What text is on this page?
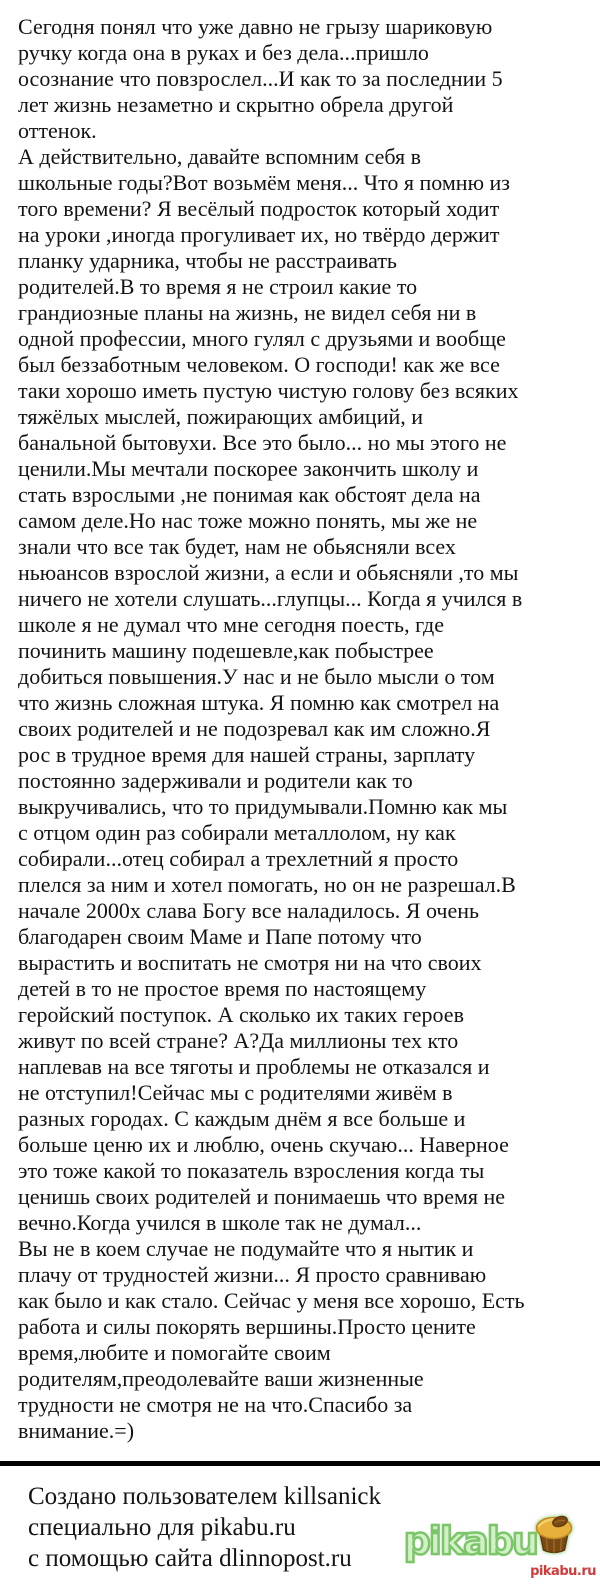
Сегодня понял что уже давно не грызу шариковую
ручку когда она в руках и без дела...пришло
осознание что повзрослел...И как то за последнии 5
лет жизнь незаметно и скрытно обрела другой
оттенок.
А действительно, давайте вспомним себя в
школьные годы?Вот возьмём меня... Что я помню из
того времени? Я весёлый подросток который ходит
на уроки ,иногда прогуливает их, но твёрдо держит
планку ударника, чтобы не расстраивать
родителей.В то время я не строил какие то
грандиозные планы на жизнь, не видел себя ни в
одной профессии, много гулял с друзьями и вообще
был беззаботным человеком. О господи! как же все
таки хорошо иметь пустую чистую голову без всяких
тяжёлых мыслей, пожирающих амбиций, и
банальной бытовухи. Все это было... но мы этого не
ценили.Мы мечтали поскорее закончить школу и
стать взрослыми ,не понимая как обстоят дела на
самом деле.Но нас тоже можно понять, мы же не
знали что все так будет, нам не обьясняли всех
ньюансов взрослой жизни, а если и обьясняли ,то мы
ничего не хотели слушать...глупцы... Когда я учился в
школе я не думал что мне сегодня поесть, где
починить машину подешевле,как побыстрее
добиться повышения.У нас и не было мысли о том
что жизнь сложная штука. Я помню как смотрел на
своих родителей и не подозревал как им сложно.Я
рос в трудное время для нашей страны, зарплату
постоянно задерживали и родители как то
выкручивались, что то придумывали.Помню как мы
с отцом один раз собирали металлолом, ну как
собирали...отец собирал а трехлетний я просто
плелся за ним и хотел помогать, но он не разрешал.В
начале 2000х слава Богу все наладилось. Я очень
благодарен своим Маме и Папе потому что
вырастить и воспитать не смотря ни на что своих
детей в то не простое время по настоящему
геройский поступок. А сколько их таких героев
живут по всей стране? А?Да миллионы тех кто
наплевав на все тяготы и проблемы не отказался и
не отступил!Сейчас мы с родителями живём в
разных городах. С каждым днём я все больше и
больше ценю их и люблю, очень скучаю... Наверное
это тоже какой то показатель взросления когда ты
ценишь своих родителей и понимаешь что время не
вечно.Когда учился в школе так не думал...
Вы не в коем случае не подумайте что я нытик и
плачу от трудностей жизни... Я просто сравниваю
как было и как стало. Сейчас у меня все хорошо, Есть
работа и силы покорять вершины.Просто цените
время,любите и помогайте своим
родителям,преодолевайте ваши жизненные
трудности не смотря не на что.Спасибо за
внимание.=)
Создано пользователем killsanick
специально для pikabu.ru
с помощью сайта dlinnopost.ru	pikabu
pikabu.ru
